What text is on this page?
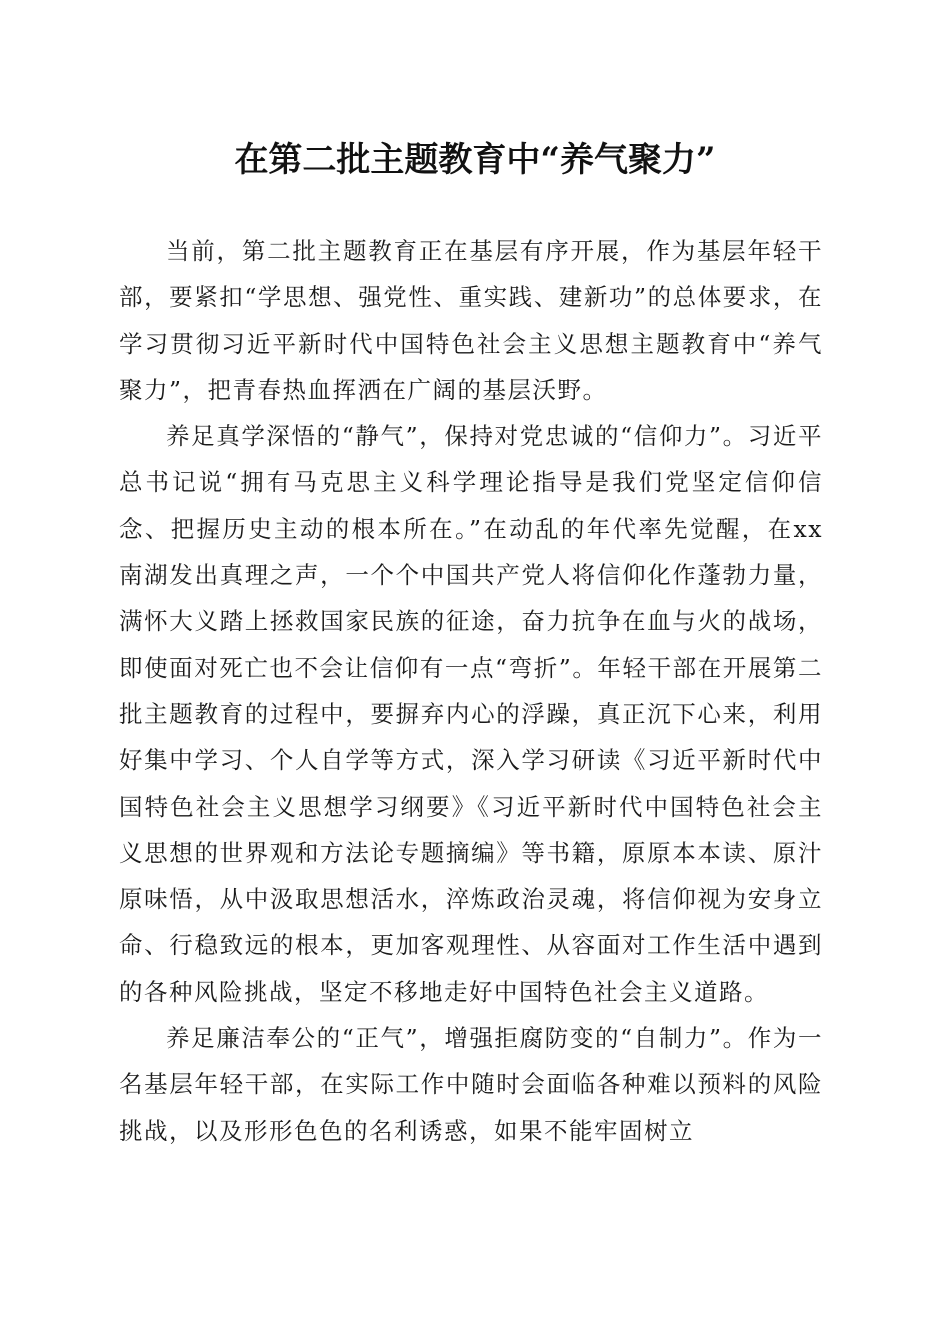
在第二批主题教育中“养气聚力”

当前，第二批主题教育正在基层有序开展，作为基层年轻干部，要紧扣“学思想、强党性、重实践、建新功”的总体要求，在学习贯彻习近平新时代中国特色社会主义思想主题教育中“养气聚力”，把青春热血挥洒在广阔的基层沃野。

养足真学深悟的“静气”，保持对党忠诚的“信仰力”。习近平总书记说“拥有马克思主义科学理论指导是我们党坚定信仰信念、把握历史主动的根本所在。”在动乱的年代率先觉醒，在xx南湖发出真理之声，一个个中国共产党人将信仰化作蓬勃力量，满怀大义踏上拯救国家民族的征途，奋力抗争在血与火的战场，即使面对死亡也不会让信仰有一点“弯折”。年轻干部在开展第二批主题教育的过程中，要摒弃内心的浮躁，真正沉下心来，利用好集中学习、个人自学等方式，深入学习研读《习近平新时代中国特色社会主义思想学习纲要》《习近平新时代中国特色社会主义思想的世界观和方法论专题摘编》等书籍，原原本本读、原汁原味悟，从中汲取思想活水，淬炼政治灵魂，将信仰视为安身立命、行稳致远的根本，更加客观理性、从容面对工作生活中遇到的各种风险挑战，坚定不移地走好中国特色社会主义道路。

养足廉洁奉公的“正气”，增强拒腐防变的“自制力”。作为一名基层年轻干部，在实际工作中随时会面临各种难以预料的风险挑战，以及形形色色的名利诱惑，如果不能牢固树立
